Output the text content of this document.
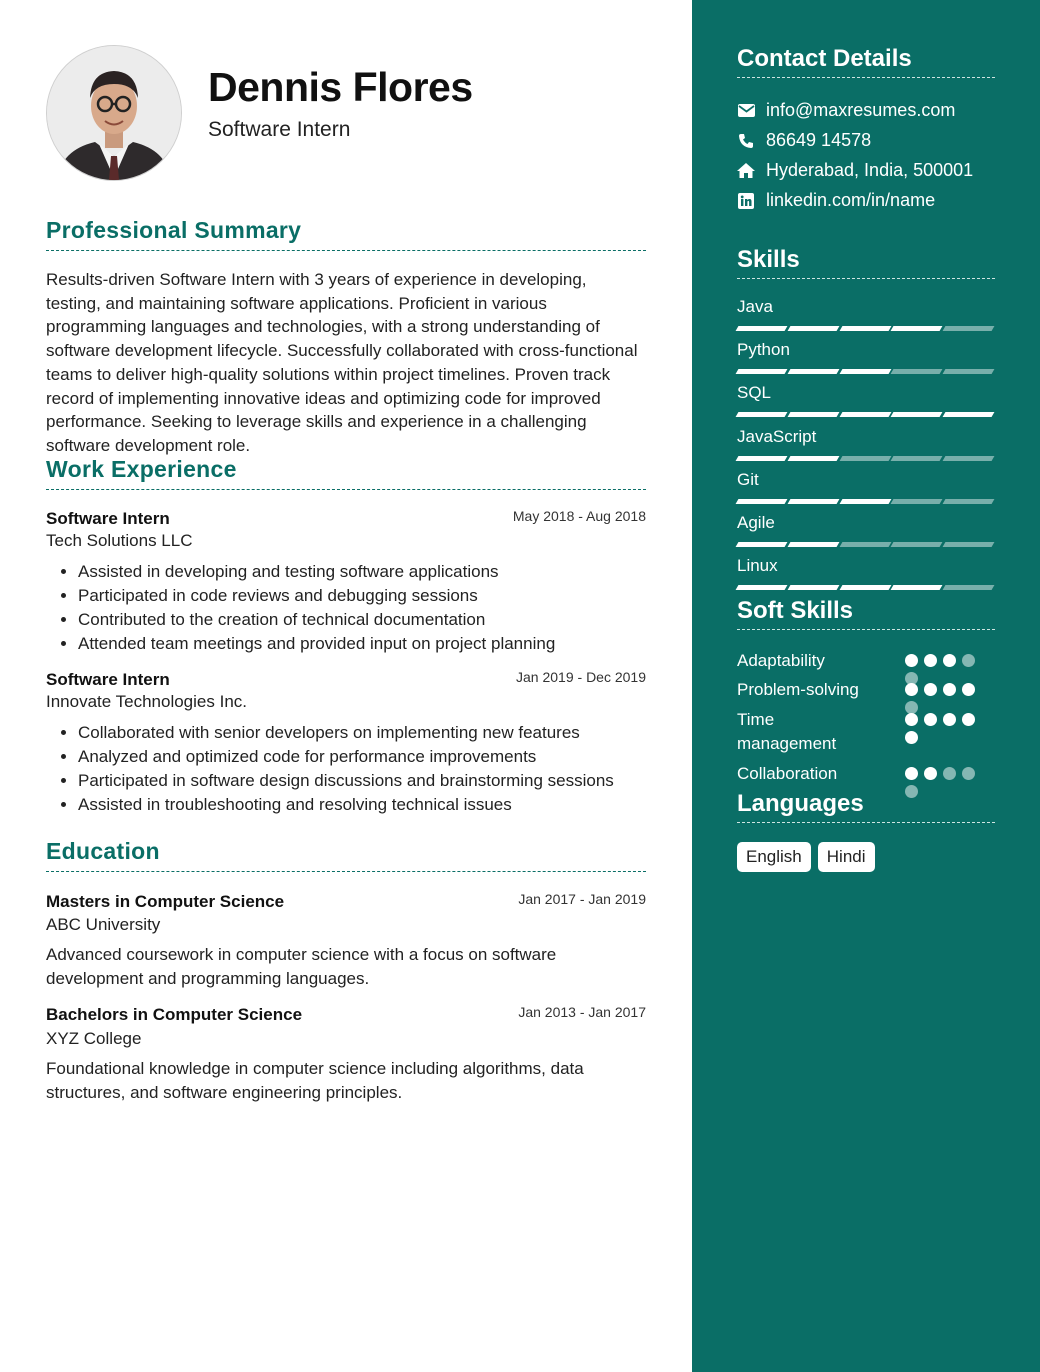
Dennis Flores
Software Intern
Professional Summary
Results-driven Software Intern with 3 years of experience in developing, testing, and maintaining software applications. Proficient in various programming languages and technologies, with a strong understanding of software development lifecycle. Successfully collaborated with cross-functional teams to deliver high-quality solutions within project timelines. Proven track record of implementing innovative ideas and optimizing code for improved performance. Seeking to leverage skills and experience in a challenging software development role.
Work Experience
Software Intern	May 2018 - Aug 2018
Tech Solutions LLC
• Assisted in developing and testing software applications
• Participated in code reviews and debugging sessions
• Contributed to the creation of technical documentation
• Attended team meetings and provided input on project planning
Software Intern	Jan 2019 - Dec 2019
Innovate Technologies Inc.
• Collaborated with senior developers on implementing new features
• Analyzed and optimized code for performance improvements
• Participated in software design discussions and brainstorming sessions
• Assisted in troubleshooting and resolving technical issues
Education
Masters in Computer Science	Jan 2017 - Jan 2019
ABC University
Advanced coursework in computer science with a focus on software development and programming languages.
Bachelors in Computer Science	Jan 2013 - Jan 2017
XYZ College
Foundational knowledge in computer science including algorithms, data structures, and software engineering principles.
Contact Details
info@maxresumes.com
86649 14578
Hyderabad, India, 500001
linkedin.com/in/name
Skills
Java
Python
SQL
JavaScript
Git
Agile
Linux
Soft Skills
Adaptability
Problem-solving
Time management
Collaboration
Languages
English	Hindi
